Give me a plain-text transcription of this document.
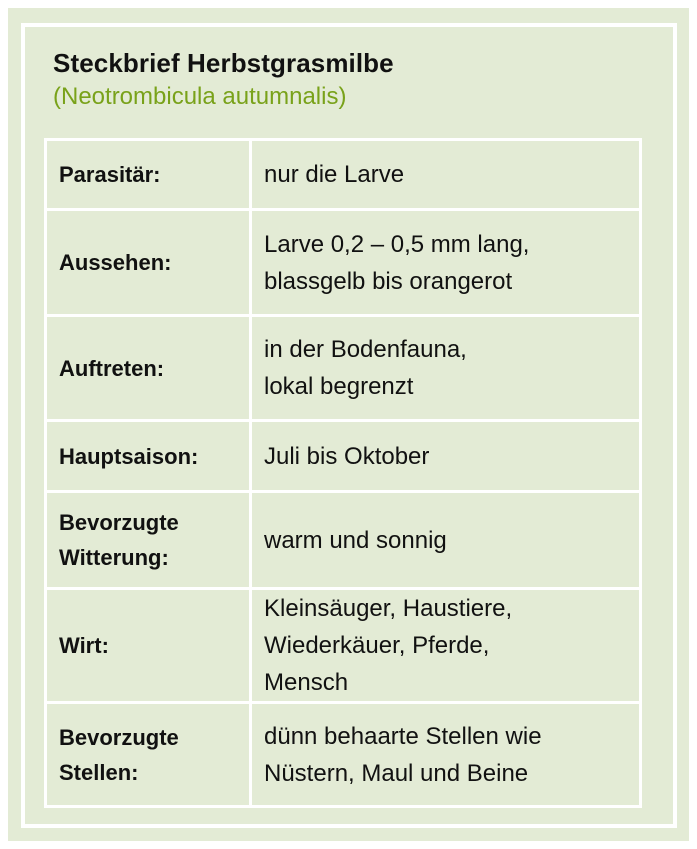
Steckbrief Herbstgrasmilbe

(Neotrombicula autumnalis)

Parasitär:	nur die Larve

Aussehen:	Larve 0,2 – 0,5 mm lang,
blassgelb bis orangerot

Auftreten:	in der Bodenfauna,
lokal begrenzt

Hauptsaison:	Juli bis Oktober

Bevorzugte
Witterung:	warm und sonnig

Wirt:	Kleinsäuger, Haustiere,
Wiederkäuer, Pferde,
Mensch

Bevorzugte
Stellen:	dünn behaarte Stellen wie
Nüstern, Maul und Beine
